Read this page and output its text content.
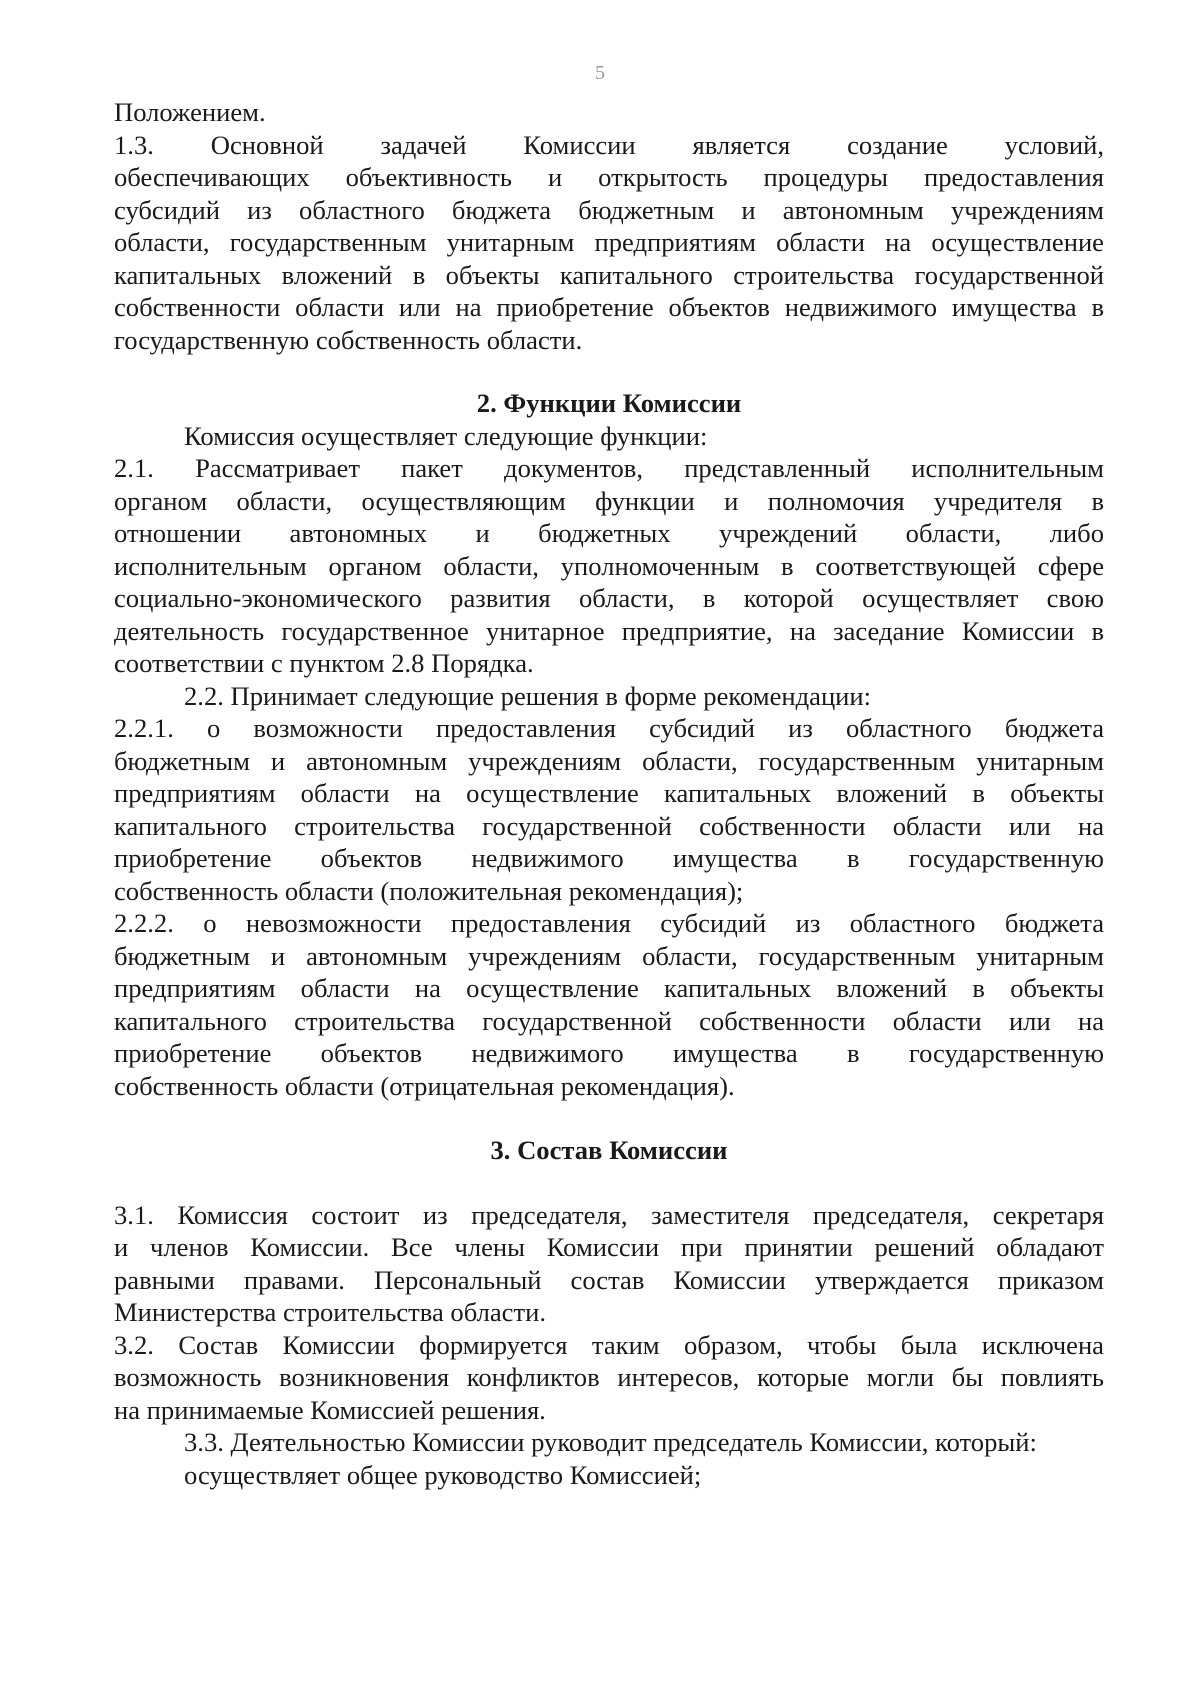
5

Положением.

1.3. Основной задачей Комиссии является создание условий,

обеспечивающих объективность и открытость процедуры предоставления

субсидий из областного бюджета бюджетным и автономным учреждениям

области, государственным унитарным предприятиям области на осуществление

капитальных вложений в объекты капитального строительства государственной

собственности области или на приобретение объектов недвижимого имущества в

государственную собственность области.

2. Функции Комиссии

Комиссия осуществляет следующие функции:

2.1. Рассматривает пакет документов, представленный исполнительным

органом области, осуществляющим функции и полномочия учредителя в

отношении автономных и бюджетных учреждений области, либо

исполнительным органом области, уполномоченным в соответствующей сфере

социально-экономического развития области, в которой осуществляет свою

деятельность государственное унитарное предприятие, на заседание Комиссии в

соответствии с пунктом 2.8 Порядка.

2.2. Принимает следующие решения в форме рекомендации:

2.2.1. о возможности предоставления субсидий из областного бюджета

бюджетным и автономным учреждениям области, государственным унитарным

предприятиям области на осуществление капитальных вложений в объекты

капитального строительства государственной собственности области или на

приобретение объектов недвижимого имущества в государственную

собственность области (положительная рекомендация);

2.2.2. о невозможности предоставления субсидий из областного бюджета

бюджетным и автономным учреждениям области, государственным унитарным

предприятиям области на осуществление капитальных вложений в объекты

капитального строительства государственной собственности области или на

приобретение объектов недвижимого имущества в государственную

собственность области (отрицательная рекомендация).

3. Состав Комиссии

3.1. Комиссия состоит из председателя, заместителя председателя, секретаря

и членов Комиссии. Все члены Комиссии при принятии решений обладают

равными правами. Персональный состав Комиссии утверждается приказом

Министерства строительства области.

3.2. Состав Комиссии формируется таким образом, чтобы была исключена

возможность возникновения конфликтов интересов, которые могли бы повлиять

на принимаемые Комиссией решения.

3.3. Деятельностью Комиссии руководит председатель Комиссии, который:

осуществляет общее руководство Комиссией;
